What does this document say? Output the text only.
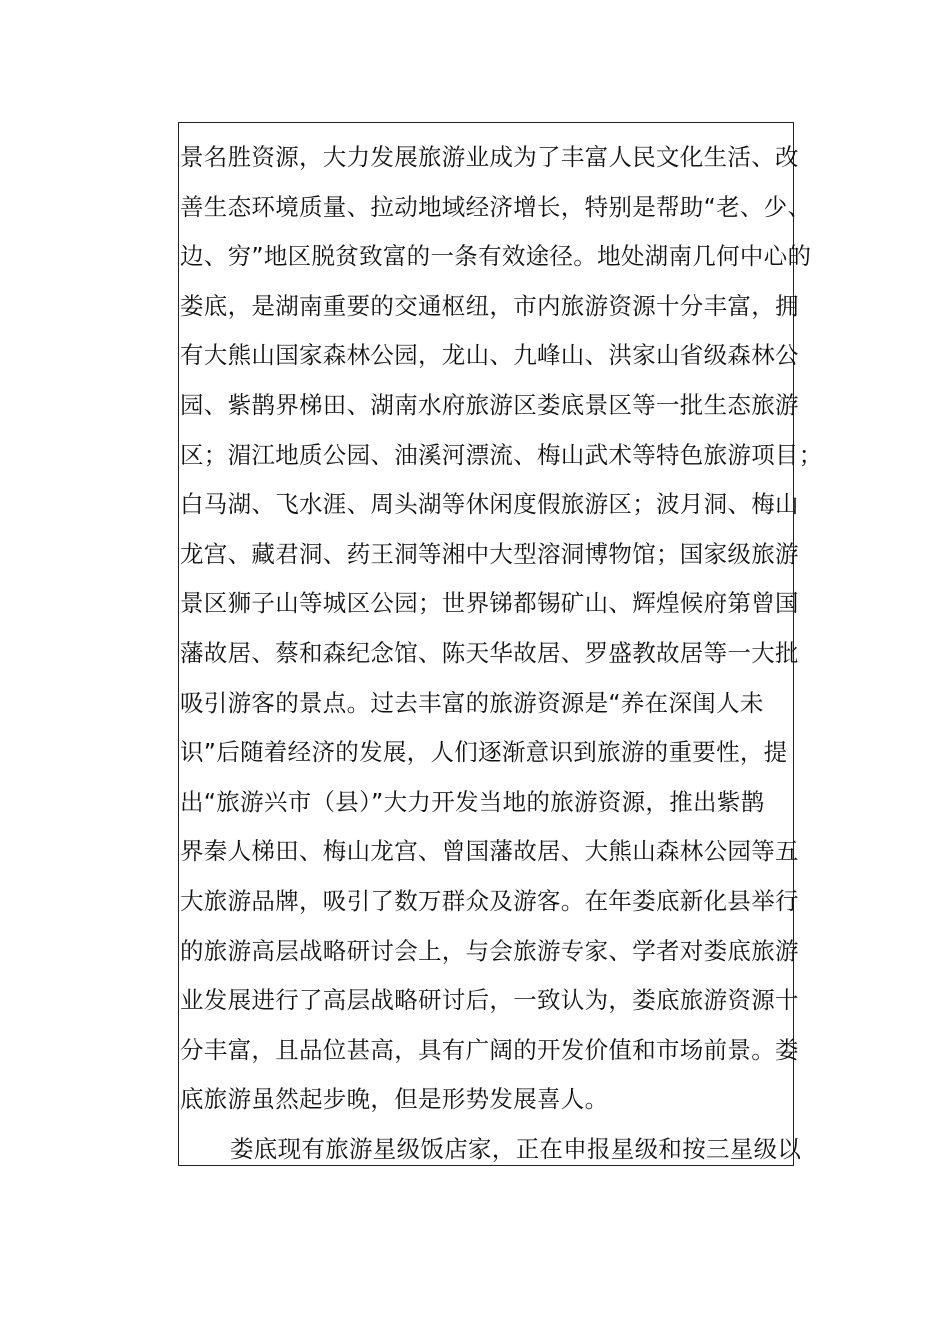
景名胜资源，大力发展旅游业成为了丰富人民文化生活、改
善生态环境质量、拉动地域经济增长，特别是帮助“老、少、
边、穷”地区脱贫致富的一条有效途径。地处湖南几何中心的
娄底，是湖南重要的交通枢纽，市内旅游资源十分丰富，拥
有大熊山国家森林公园，龙山、九峰山、洪家山省级森林公
园、紫鹊界梯田、湖南水府旅游区娄底景区等一批生态旅游
区；湄江地质公园、油溪河漂流、梅山武术等特色旅游项目；
白马湖、飞水涯、周头湖等休闲度假旅游区；波月洞、梅山
龙宫、藏君洞、药王洞等湘中大型溶洞博物馆；国家级旅游
景区狮子山等城区公园；世界锑都锡矿山、辉煌候府第曾国
藩故居、蔡和森纪念馆、陈天华故居、罗盛教故居等一大批
吸引游客的景点。过去丰富的旅游资源是“养在深闺人未
识”后随着经济的发展，人们逐渐意识到旅游的重要性，提
出“旅游兴市（县）”大力开发当地的旅游资源，推出紫鹊
界秦人梯田、梅山龙宫、曾国藩故居、大熊山森林公园等五
大旅游品牌，吸引了数万群众及游客。在年娄底新化县举行
的旅游高层战略研讨会上，与会旅游专家、学者对娄底旅游
业发展进行了高层战略研讨后，一致认为，娄底旅游资源十
分丰富，且品位甚高，具有广阔的开发价值和市场前景。娄
底旅游虽然起步晚，但是形势发展喜人。
娄底现有旅游星级饭店家，正在申报星级和按三星级以
